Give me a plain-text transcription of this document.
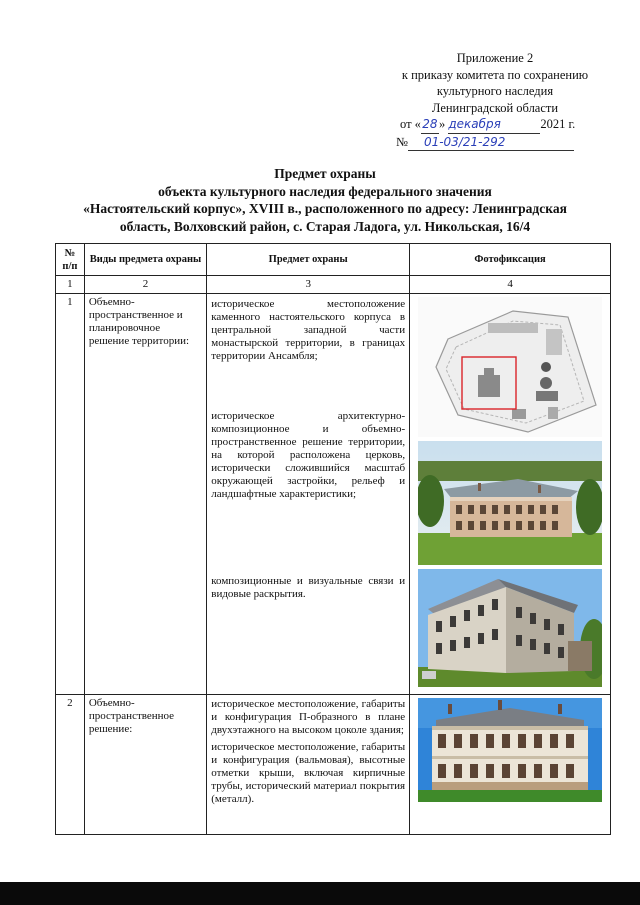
Приложение 2
к приказу комитета по сохранению
культурного наследия
Ленинградской области
от «28» декабря	2021 г.
№ 01-03/21-292
Предмет охраны
объекта культурного наследия федерального значения
«Настоятельский корпус», XVIII в., расположенного по адресу: Ленинградская
область, Волховский район, с. Старая Ладога, ул. Никольская, 16/4
№ п/п	Виды предмета охраны	Предмет охраны	Фотофиксация
1	2	3	4
1	Объемно-пространственное и планировочное решение территории:	историческое местоположение каменного настоятельского корпуса в центральной западной части монастырской территории, в границах территории Ансамбля;
историческое архитектурно-композиционное и объемно-пространственное решение территории, на которой расположена церковь, исторически сложившийся масштаб окружающей застройки, рельеф и ландшафтные характеристики;
композиционные и визуальные связи и видовые раскрытия.

2	Объемно-пространственное решение:	историческое местоположение, габариты и конфигурация П-образного в плане двухэтажного на высоком цоколе здания;
историческое местоположение, габариты и конфигурация (вальмовая), высотные отметки крыши, включая кирпичные трубы, исторический материал покрытия (металл).
